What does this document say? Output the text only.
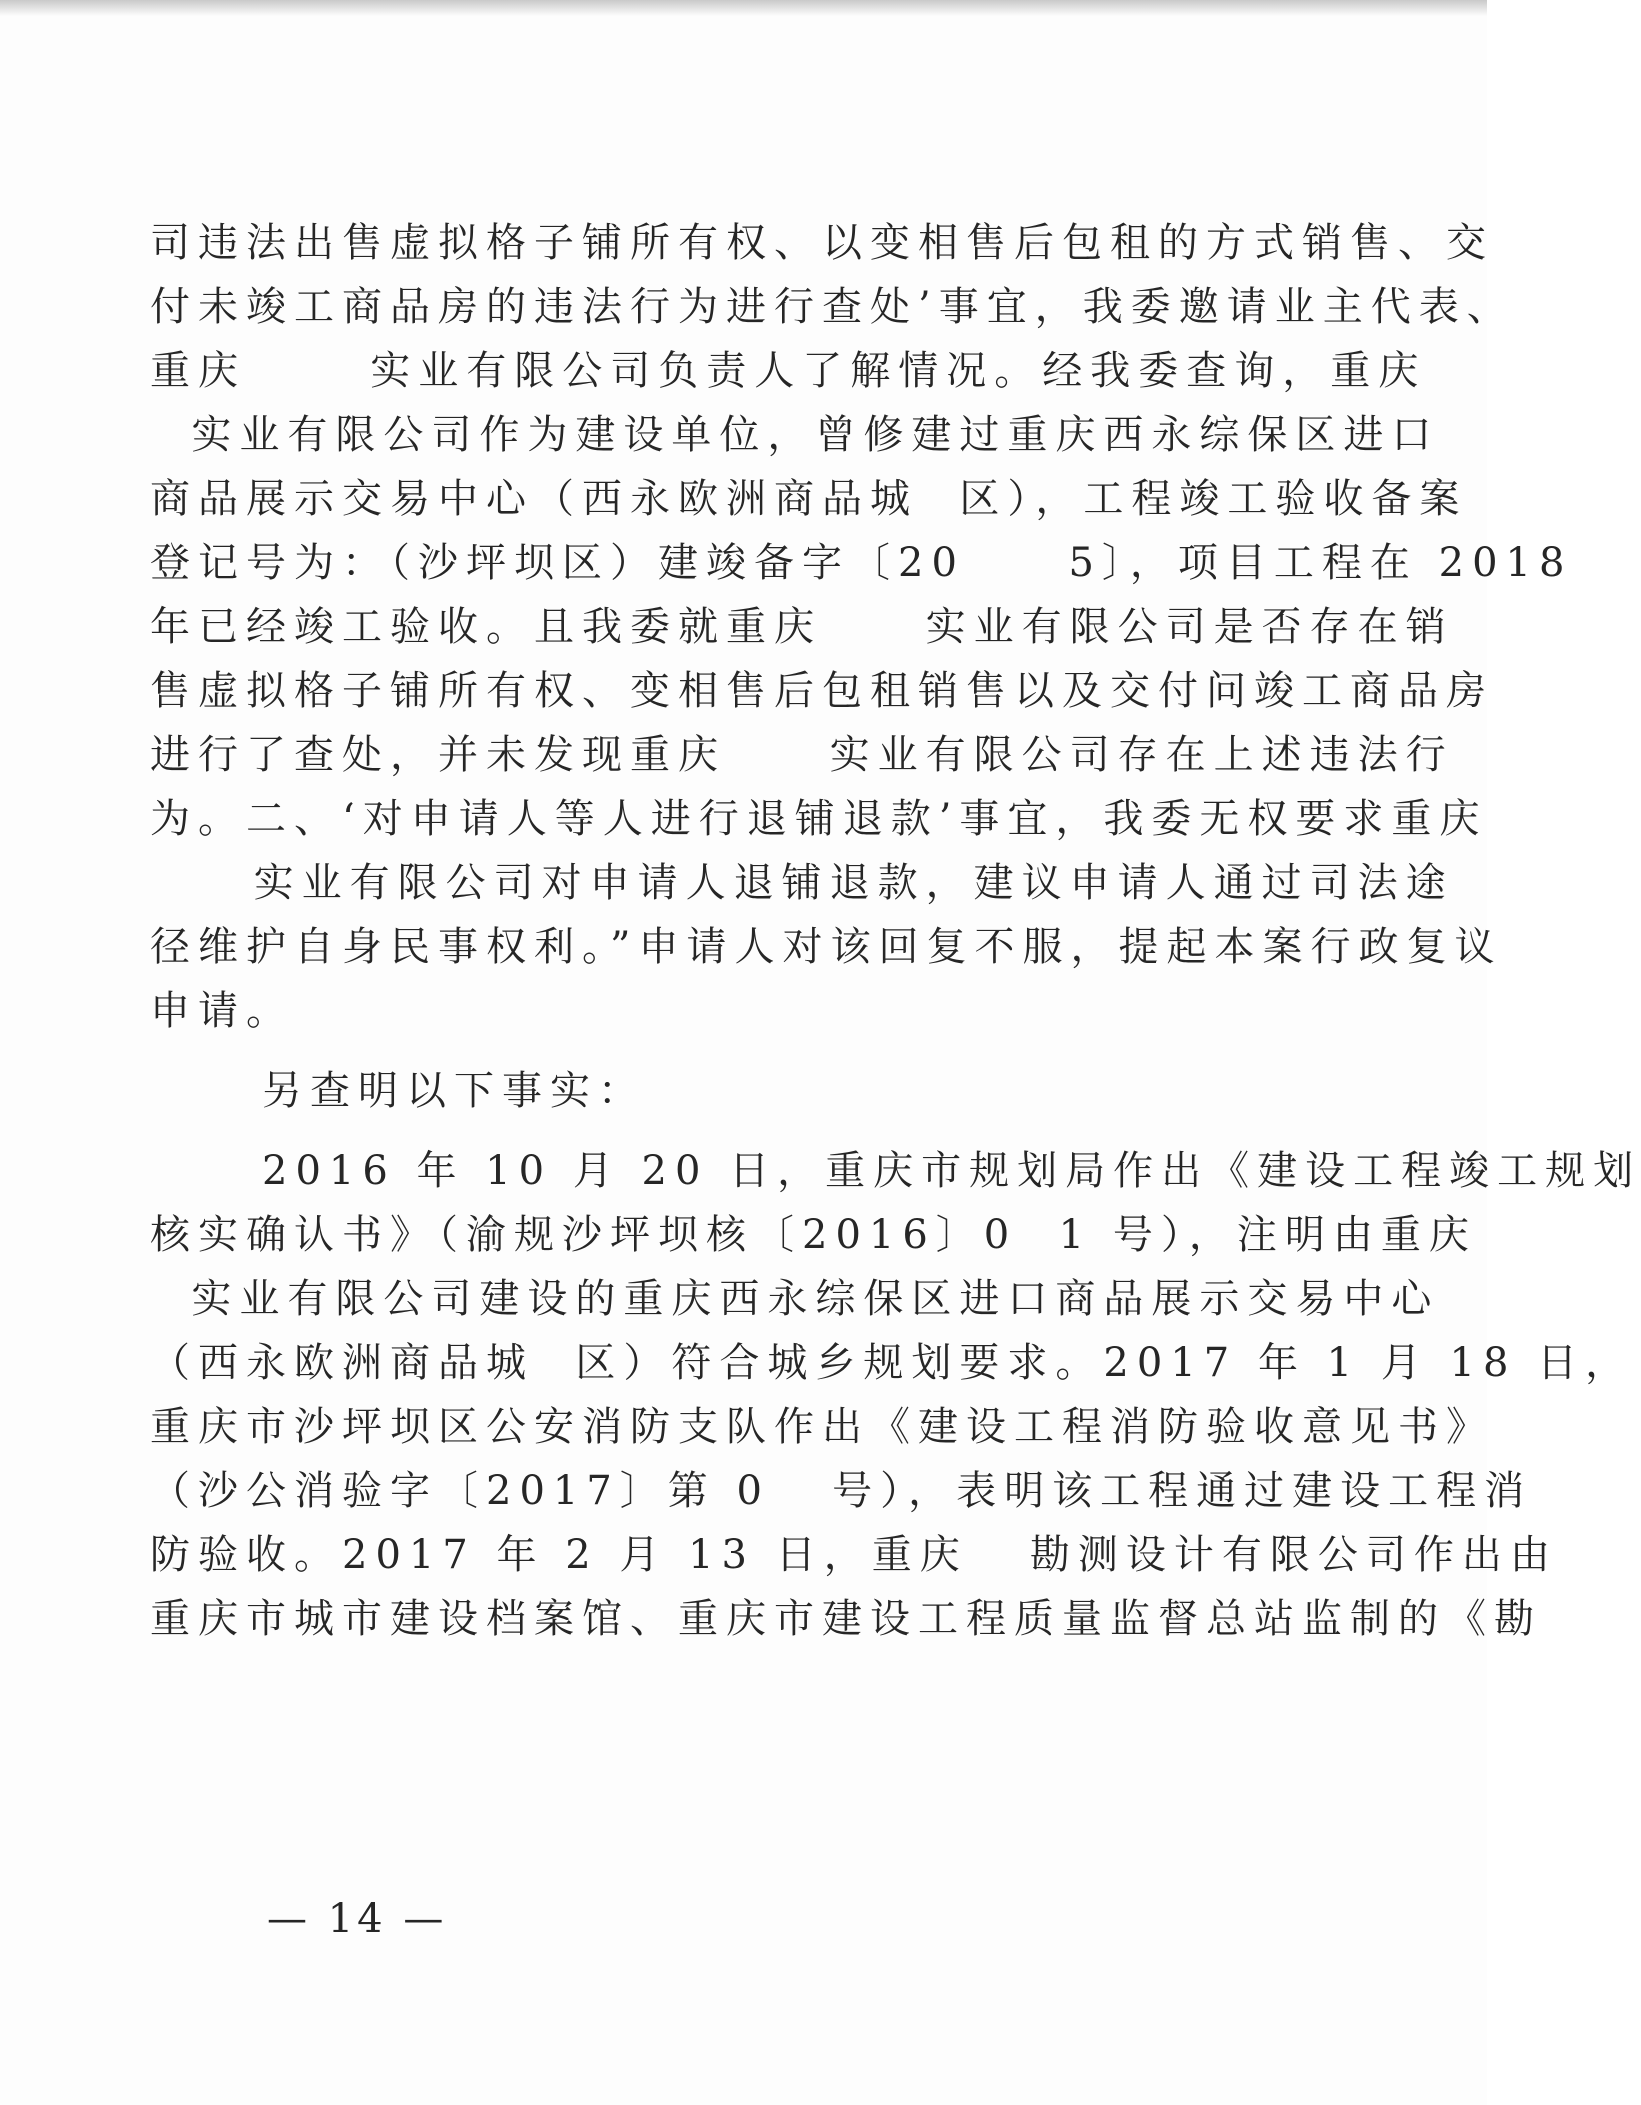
司违法出售虚拟格子铺所有权、以变相售后包租的方式销售、交
付未竣工商品房的违法行为进行查处’事宜，我委邀请业主代表、
重庆      实业有限公司负责人了解情况。经我委查询，重庆
实业有限公司作为建设单位，曾修建过重庆西永综保区进口
商品展示交易中心（西永欧洲商品城  区），工程竣工验收备案
登记号为：（沙坪坝区）建竣备字〔20     5〕，项目工程在 2018
年已经竣工验收。且我委就重庆     实业有限公司是否存在销
售虚拟格子铺所有权、变相售后包租销售以及交付问竣工商品房
进行了查处，并未发现重庆     实业有限公司存在上述违法行
为。二、‘对申请人等人进行退铺退款’事宜，我委无权要求重庆
实业有限公司对申请人退铺退款，建议申请人通过司法途
径维护自身民事权利。”申请人对该回复不服，提起本案行政复议
申请。
另查明以下事实：
2016 年 10 月 20 日，重庆市规划局作出《建设工程竣工规划
核实确认书》（渝规沙坪坝核〔2016〕0  1 号），注明由重庆
实业有限公司建设的重庆西永综保区进口商品展示交易中心
（西永欧洲商品城  区）符合城乡规划要求。2017 年 1 月 18 日，
重庆市沙坪坝区公安消防支队作出《建设工程消防验收意见书》
（沙公消验字〔2017〕第 0   号），表明该工程通过建设工程消
防验收。2017 年 2 月 13 日，重庆   勘测设计有限公司作出由
重庆市城市建设档案馆、重庆市建设工程质量监督总站监制的《勘
— 14 —
